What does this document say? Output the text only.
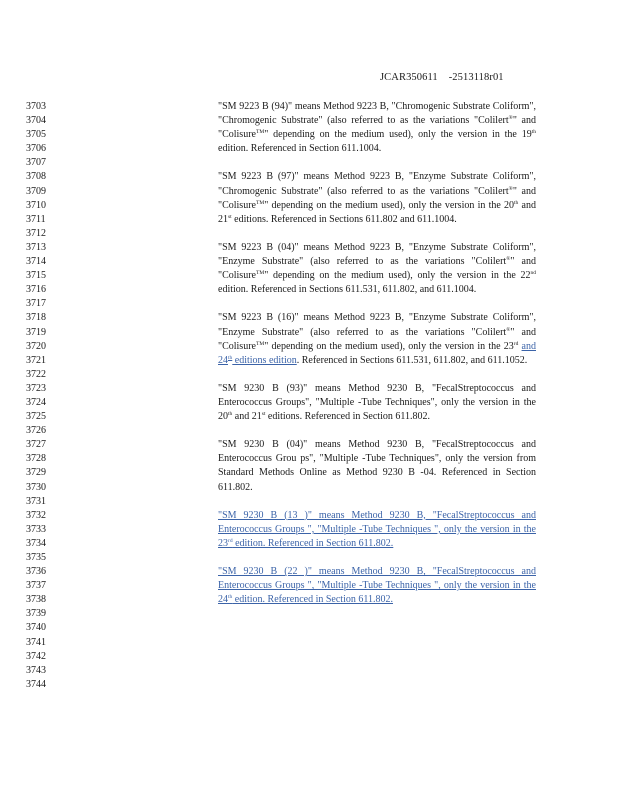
JCAR350611 -2513118r01
3703
3704
3705
3706
3707
3708
3709
3710
3711
3712
3713
3714
3715
3716
3717
3718
3719
3720
3721
3722
3723
3724
3725
3726
3727
3728
3729
3730
3731
3732
3733
3734
3735
3736
3737
3738
3739
3740
3741
3742
3743
3744
"SM 9223 B (94)" means Method 9223 B, "Chromogenic Substrate Coliform", "Chromogenic Substrate" (also referred to as the variations "Colilert®" and "Colisure™" depending on the medium used), only the version in the 19th edition. Referenced in Section 611.1004.
"SM 9223 B (97)" means Method 9223 B, "Enzyme Substrate Coliform", "Chromogenic Substrate" (also referred to as the variations "Colilert®" and "Colisure™" depending on the medium used), only the version in the 20th and 21st editions. Referenced in Sections 611.802 and 611.1004.
"SM 9223 B (04)" means Method 9223 B, "Enzyme Substrate Coliform", "Enzyme Substrate" (also referred to as the variations "Colilert®" and "Colisure™" depending on the medium used), only the version in the 22nd edition. Referenced in Sections 611.531, 611.802, and 611.1004.
"SM 9223 B (16)" means Method 9223 B, "Enzyme Substrate Coliform", "Enzyme Substrate" (also referred to as the variations "Colilert®" and "Colisure™" depending on the medium used), only the version in the 23rd and 24th editions edition. Referenced in Sections 611.531, 611.802, and 611.1052.
"SM 9230 B (93)" means Method 9230 B, "FecalStreptococcus and Enterococcus Groups", "Multiple -Tube Techniques", only the version in the 20th and 21st editions. Referenced in Section 611.802.
"SM 9230 B (04)" means Method 9230 B, "FecalStreptococcus and Enterococcus Grou ps", "Multiple -Tube Techniques", only the version from Standard Methods Online as Method 9230 B -04. Referenced in Section 611.802.
"SM 9230 B (13 )" means Method 9230 B, "FecalStreptococcus and Enterococcus Groups ", "Multiple -Tube Techniques ", only the version in the 23rd edition. Referenced in Section 611.802.
"SM 9230 B (22 )" means Method 9230 B, "FecalStreptococcus and Enterococcus Groups ", "Multiple -Tube Techniques ", only the version in the 24th edition. Referenced in Section 611.802.
